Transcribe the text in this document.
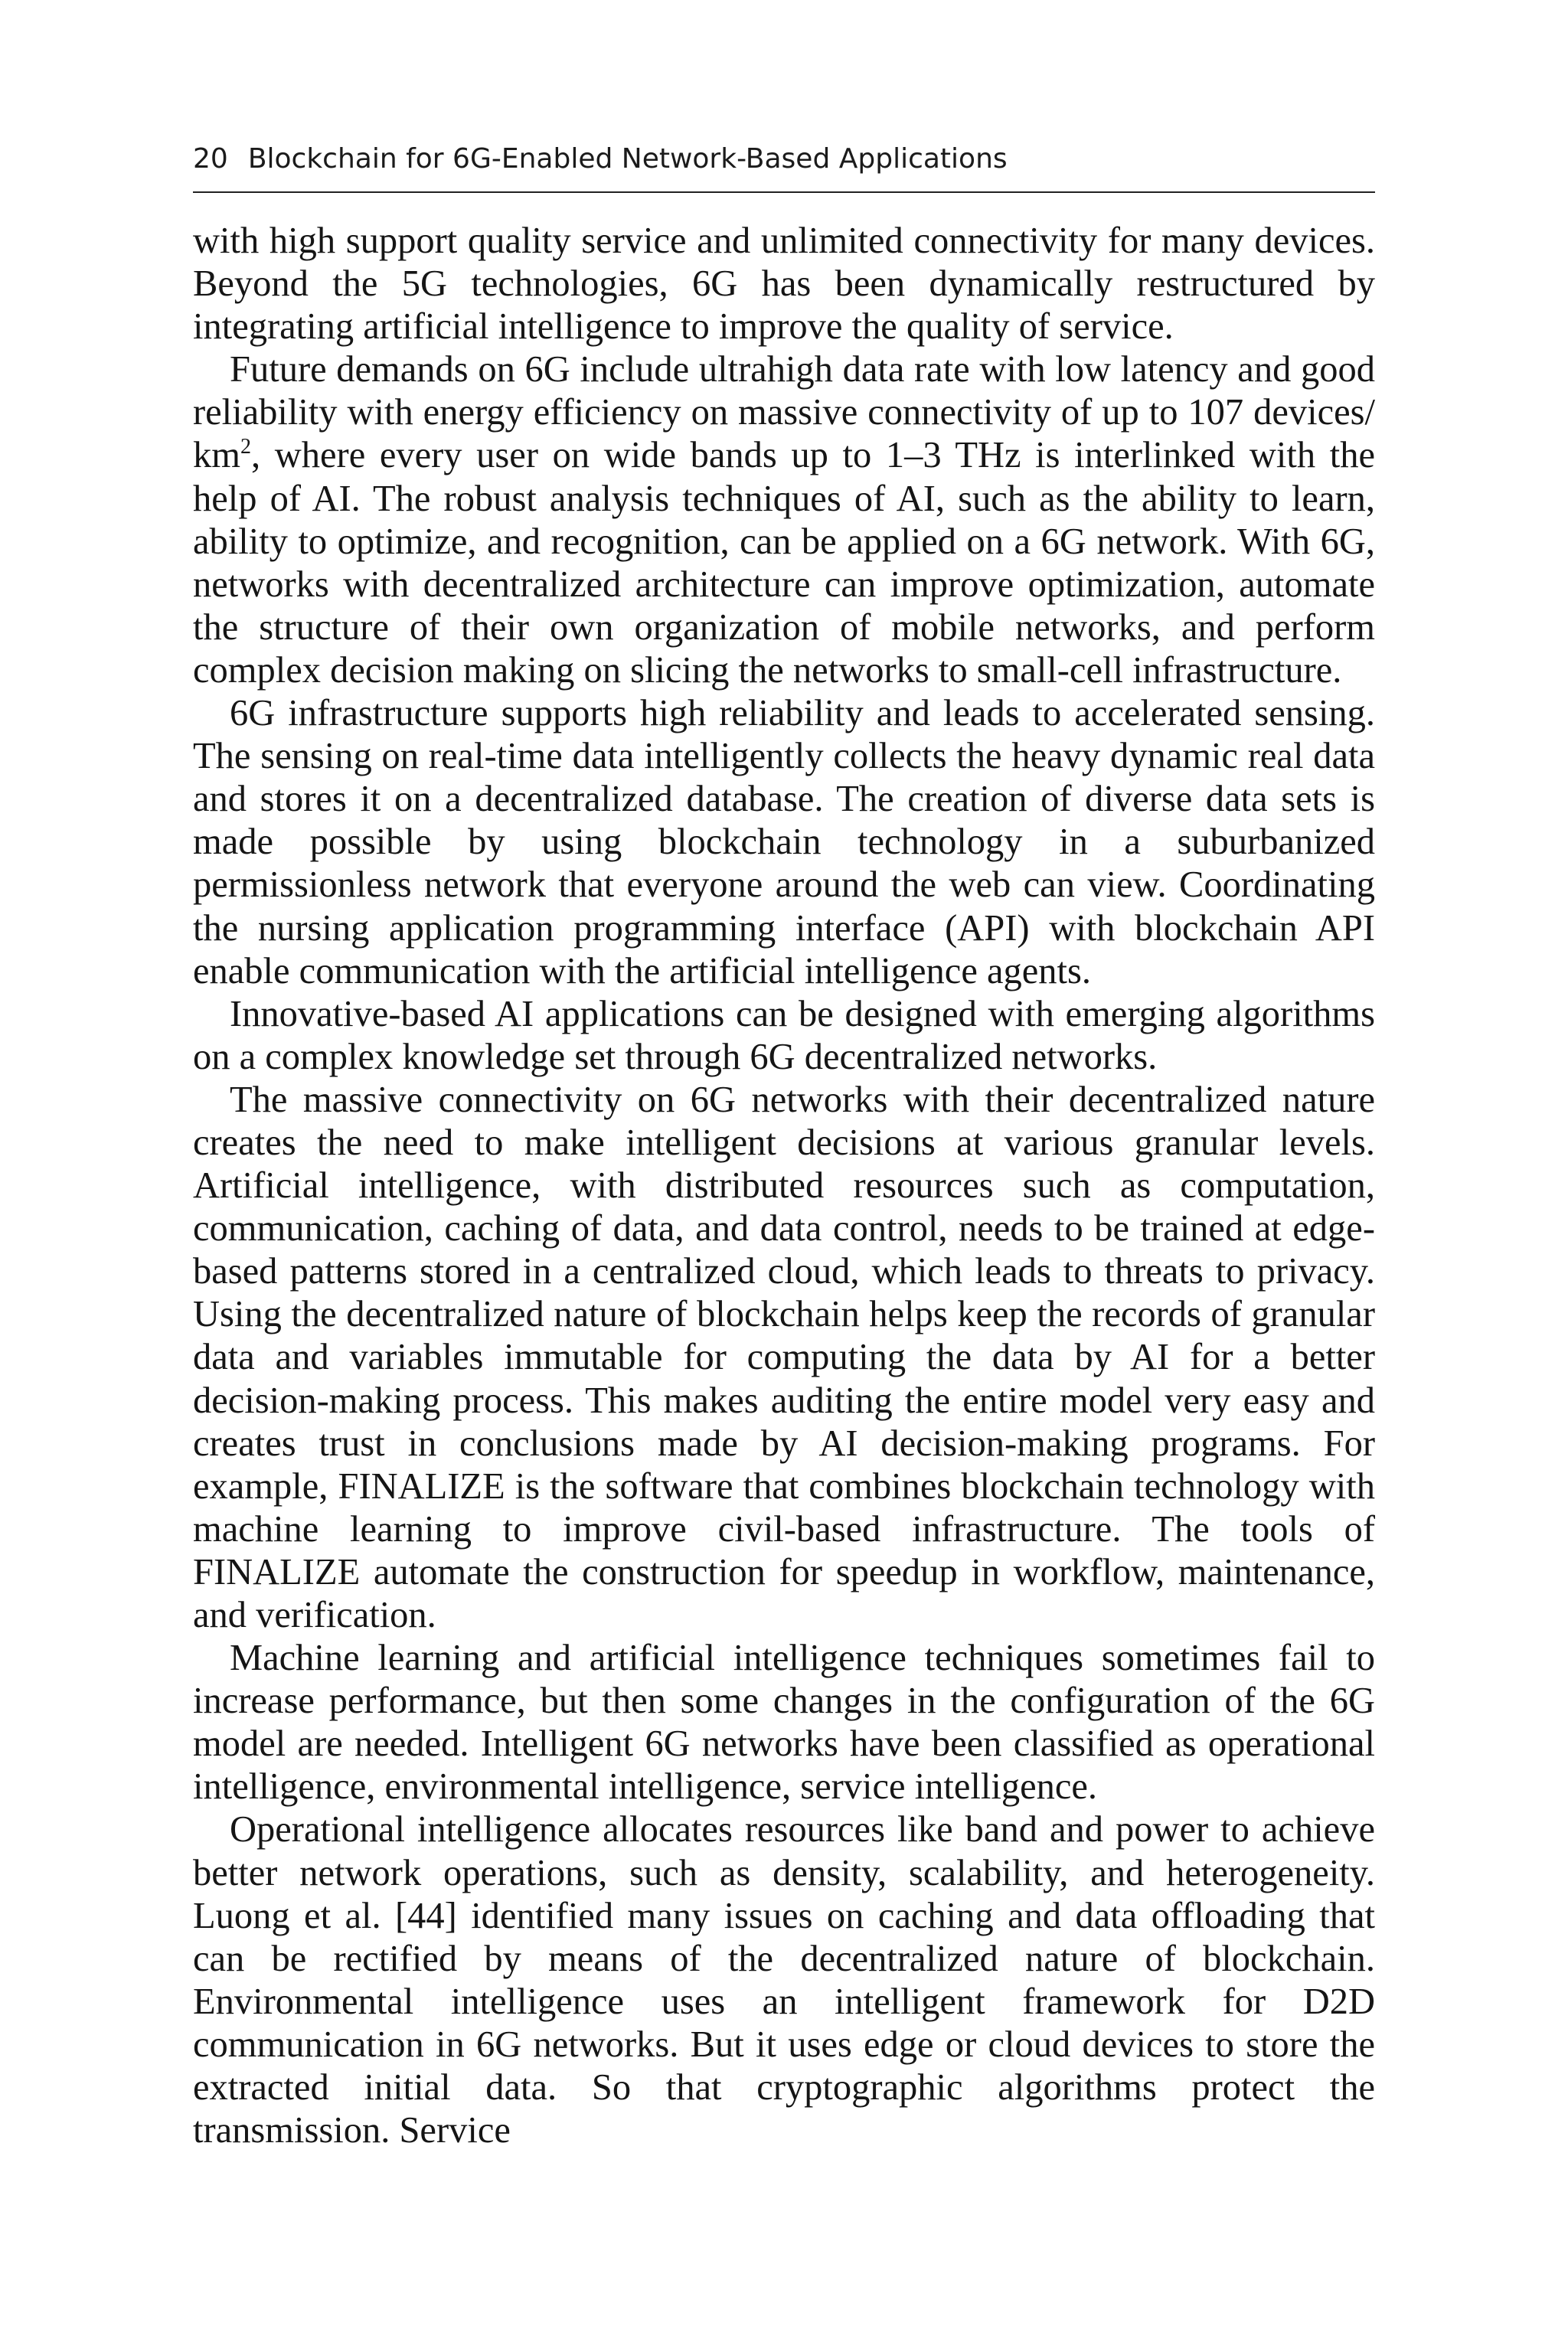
20 Blockchain for 6G-Enabled Network-Based Applications

with high support quality service and unlimited connectivity for many devices. Beyond the 5G technologies, 6G has been dynamically restructured by integrating artificial intelligence to improve the quality of service.

Future demands on 6G include ultrahigh data rate with low latency and good reliability with energy efficiency on massive connectivity of up to 107 devices/ $km^2$, where every user on wide bands up to 1–3 THz is interlinked with the help of AI. The robust analysis techniques of AI, such as the ability to learn, ability to optimize, and recognition, can be applied on a 6G network. With 6G, networks with decentralized architecture can improve optimization, automate the structure of their own organization of mobile networks, and perform complex decision making on slicing the networks to small-cell infrastructure.

6G infrastructure supports high reliability and leads to accelerated sensing. The sensing on real-time data intelligently collects the heavy dynamic real data and stores it on a decentralized database. The creation of diverse data sets is made possible by using blockchain technology in a suburbanized permissionless network that everyone around the web can view. Coordinating the nursing application programming interface (API) with blockchain API enable communication with the artificial intelligence agents.

Innovative-based AI applications can be designed with emerging algorithms on a complex knowledge set through 6G decentralized networks.

The massive connectivity on 6G networks with their decentralized nature creates the need to make intelligent decisions at various granular levels. Artificial intelligence, with distributed resources such as computation, communication, caching of data, and data control, needs to be trained at edge-based patterns stored in a centralized cloud, which leads to threats to privacy. Using the decentralized nature of blockchain helps keep the records of granular data and variables immutable for computing the data by AI for a better decision-making process. This makes auditing the entire model very easy and creates trust in conclusions made by AI decision-making programs. For example, FINALIZE is the software that combines blockchain technology with machine learning to improve civil-based infrastructure. The tools of FINALIZE automate the construction for speedup in workflow, maintenance, and verification.

Machine learning and artificial intelligence techniques sometimes fail to increase performance, but then some changes in the configuration of the 6G model are needed. Intelligent 6G networks have been classified as operational intelligence, environmental intelligence, service intelligence.

Operational intelligence allocates resources like band and power to achieve better network operations, such as density, scalability, and heterogeneity. Luong et al. [44] identified many issues on caching and data offloading that can be rectified by means of the decentralized nature of blockchain. Environmental intelligence uses an intelligent framework for D2D communication in 6G networks. But it uses edge or cloud devices to store the extracted initial data. So that cryptographic algorithms protect the transmission. Service
